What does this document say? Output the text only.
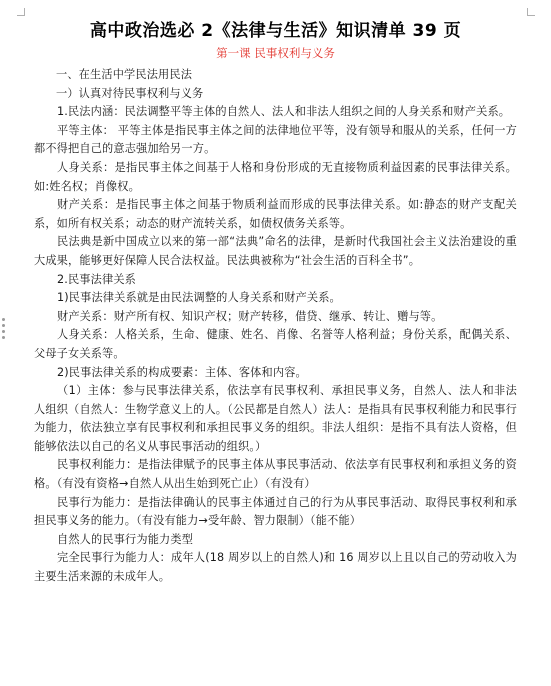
高中政治选必 2《法律与生活》知识清单 39 页
第一课 民事权利与义务

一、在生活中学民法用民法

一）认真对待民事权利与义务

1.民法内涵：民法调整平等主体的自然人、法人和非法人组织之间的人身关系和财产关系。

平等主体： 平等主体是指民事主体之间的法律地位平等，没有领导和服从的关系，任何一方都不得把自己的意志强加给另一方。

人身关系：是指民事主体之间基于人格和身份形成的无直接物质利益因素的民事法律关系。如:姓名权；肖像权。

财产关系：是指民事主体之间基于物质利益而形成的民事法律关系。如:静态的财产支配关系，如所有权关系；动态的财产流转关系，如债权债务关系等。

民法典是新中国成立以来的第一部“法典”命名的法律，是新时代我国社会主义法治建设的重大成果，能够更好保障人民合法权益。民法典被称为“社会生活的百科全书”。

2.民事法律关系

1)民事法律关系就是由民法调整的人身关系和财产关系。

财产关系：财产所有权、知识产权；财产转移，借贷、继承、转让、赠与等。

人身关系：人格关系，生命、健康、姓名、肖像、名誉等人格利益；身份关系，配偶关系、父母子女关系等。

2)民事法律关系的构成要素：主体、客体和内容。

（1）主体：参与民事法律关系，依法享有民事权利、承担民事义务，自然人、法人和非法人组织（自然人：生物学意义上的人。（公民都是自然人）法人：是指具有民事权利能力和民事行为能力，依法独立享有民事权利和承担民事义务的组织。非法人组织：是指不具有法人资格，但能够依法以自己的名义从事民事活动的组织。）

民事权利能力：是指法律赋予的民事主体从事民事活动、依法享有民事权利和承担义务的资格。（有没有资格→自然人从出生始到死亡止）（有没有）

民事行为能力：是指法律确认的民事主体通过自己的行为从事民事活动、取得民事权利和承担民事义务的能力。（有没有能力→受年龄、智力限制）（能不能）

自然人的民事行为能力类型

完全民事行为能力人：成年人(18 周岁以上的自然人)和 16 周岁以上且以自己的劳动收入为主要生活来源的未成年人。
